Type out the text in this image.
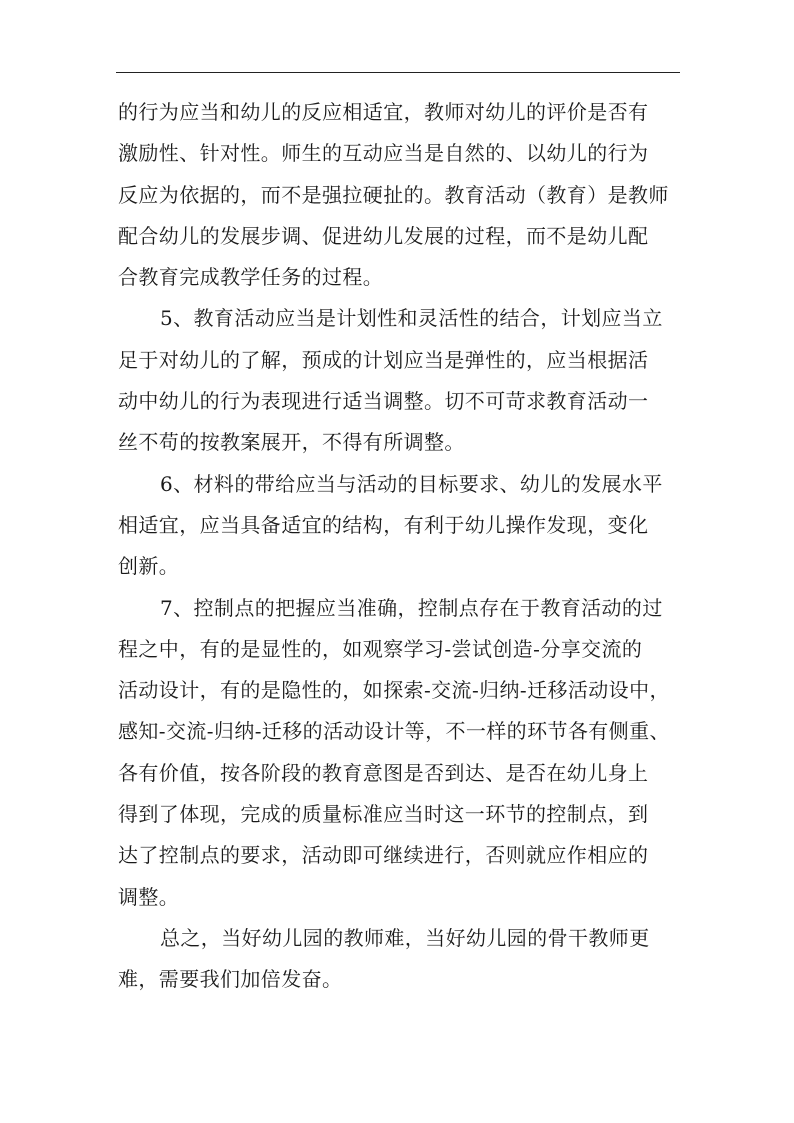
的行为应当和幼儿的反应相适宜，教师对幼儿的评价是否有
激励性、针对性。师生的互动应当是自然的、以幼儿的行为
反应为依据的，而不是强拉硬扯的。教育活动（教育）是教师
配合幼儿的发展步调、促进幼儿发展的过程，而不是幼儿配
合教育完成教学任务的过程。

5、教育活动应当是计划性和灵活性的结合，计划应当立
足于对幼儿的了解，预成的计划应当是弹性的，应当根据活
动中幼儿的行为表现进行适当调整。切不可苛求教育活动一
丝不苟的按教案展开，不得有所调整。

6、材料的带给应当与活动的目标要求、幼儿的发展水平
相适宜，应当具备适宜的结构，有利于幼儿操作发现，变化
创新。

7、控制点的把握应当准确，控制点存在于教育活动的过
程之中，有的是显性的，如观察学习-尝试创造-分享交流的
活动设计，有的是隐性的，如探索-交流-归纳-迁移活动设中，
感知-交流-归纳-迁移的活动设计等，不一样的环节各有侧重、
各有价值，按各阶段的教育意图是否到达、是否在幼儿身上
得到了体现，完成的质量标准应当时这一环节的控制点，到
达了控制点的要求，活动即可继续进行，否则就应作相应的
调整。

总之，当好幼儿园的教师难，当好幼儿园的骨干教师更
难，需要我们加倍发奋。
